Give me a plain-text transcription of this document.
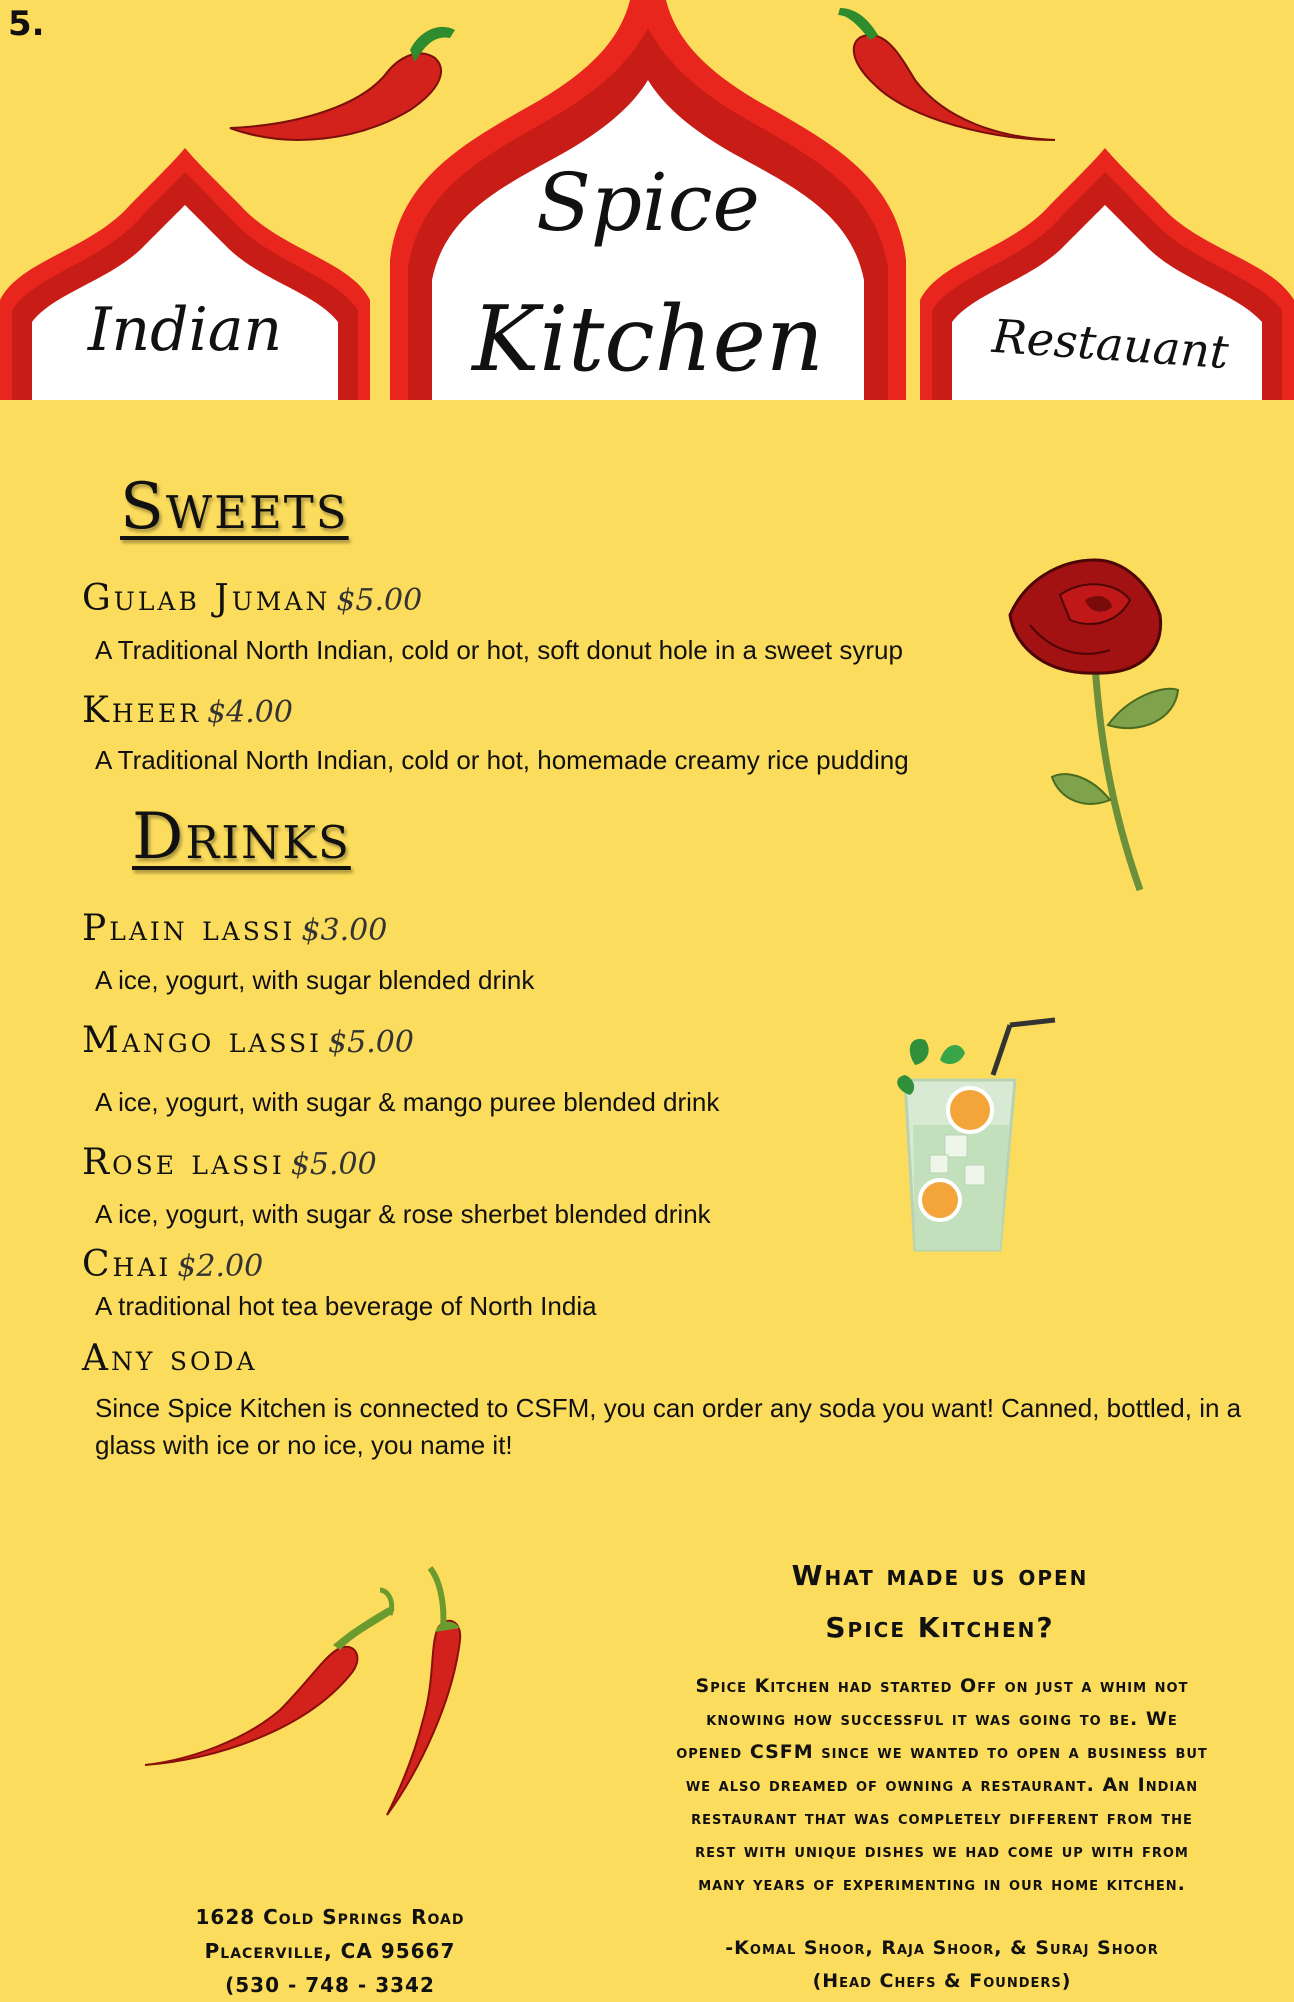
5.
Indian
Spice
Kitchen	Restauant
Sweets
Gulab Juman $5.00
A Traditional North Indian, cold or hot, soft donut hole in a sweet syrup
Kheer $4.00
A Traditional North Indian, cold or hot, homemade creamy rice pudding
Drinks
Plain lassi $3.00
A ice, yogurt, with sugar blended drink
Mango lassi $5.00
A ice, yogurt, with sugar & mango puree blended drink
Rose lassi $5.00
A ice, yogurt, with sugar & rose sherbet blended drink
Chai $2.00
A traditional hot tea beverage of North India
Any soda
Since Spice Kitchen is connected to CSFM, you can order any soda you want! Canned, bottled, in a glass with ice or no ice, you name it!
1628 Cold Springs Road
Placerville, CA 95667
(530 - 748 - 3342
What made us open
Spice Kitchen?
Spice Kitchen had started Off on just a whim not
knowing how successful it was going to be. We
opened CSFM since we wanted to open a business but
we also dreamed of owning a restaurant. An Indian
restaurant that was completely different from the
rest with unique dishes we had come up with from
many years of experimenting in our home kitchen.
-Komal Shoor, Raja Shoor, & Suraj Shoor
(Head Chefs & Founders)
